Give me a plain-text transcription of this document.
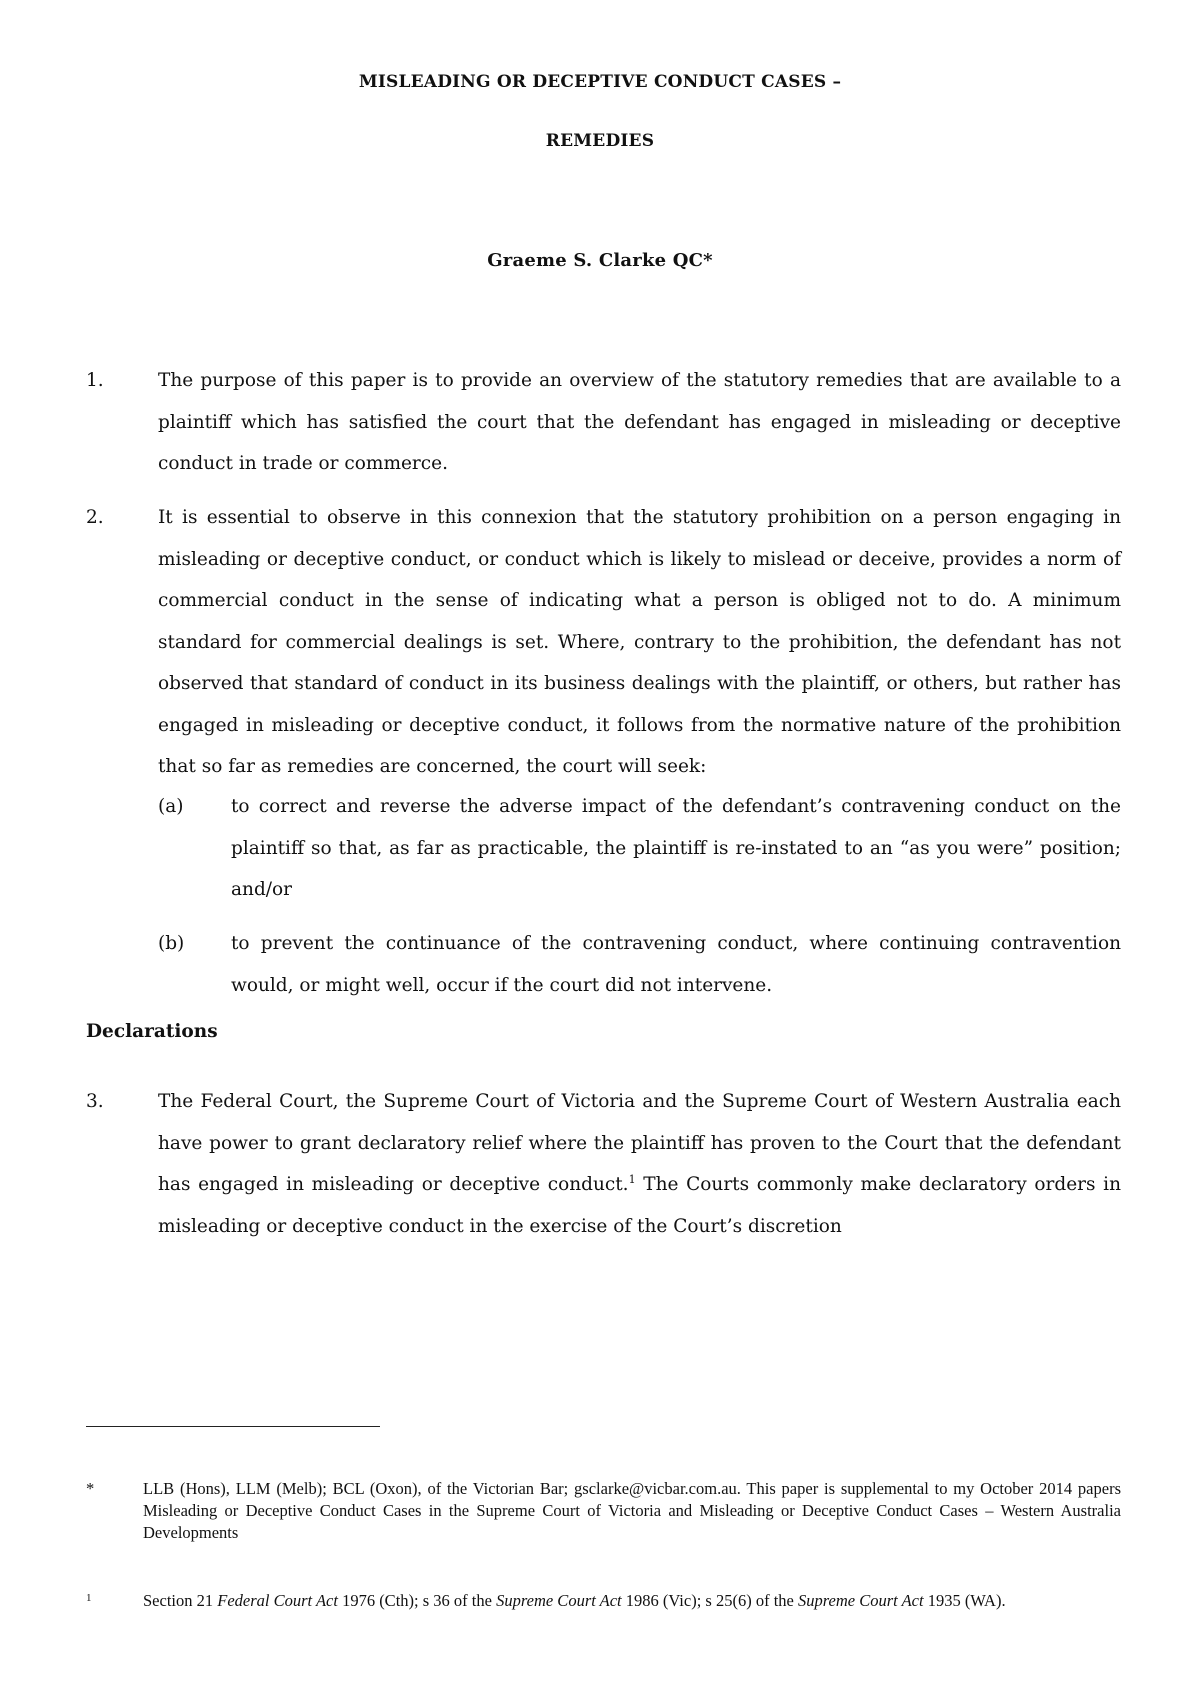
MISLEADING OR DECEPTIVE CONDUCT CASES –
REMEDIES
Graeme S. Clarke QC*
1.	The purpose of this paper is to provide an overview of the statutory remedies that are available to a plaintiff which has satisfied the court that the defendant has engaged in misleading or deceptive conduct in trade or commerce.
2.	It is essential to observe in this connexion that the statutory prohibition on a person engaging in misleading or deceptive conduct, or conduct which is likely to mislead or deceive, provides a norm of commercial conduct in the sense of indicating what a person is obliged not to do. A minimum standard for commercial dealings is set. Where, contrary to the prohibition, the defendant has not observed that standard of conduct in its business dealings with the plaintiff, or others, but rather has engaged in misleading or deceptive conduct, it follows from the normative nature of the prohibition that so far as remedies are concerned, the court will seek:
(a)	to correct and reverse the adverse impact of the defendant’s contravening conduct on the plaintiff so that, as far as practicable, the plaintiff is re-instated to an “as you were” position; and/or
(b)	to prevent the continuance of the contravening conduct, where continuing contravention would, or might well, occur if the court did not intervene.
Declarations
3.	The Federal Court, the Supreme Court of Victoria and the Supreme Court of Western Australia each have power to grant declaratory relief where the plaintiff has proven to the Court that the defendant has engaged in misleading or deceptive conduct.$^1$ The Courts commonly make declaratory orders in misleading or deceptive conduct in the exercise of the Court’s discretion
*	LLB (Hons), LLM (Melb); BCL (Oxon), of the Victorian Bar; gsclarke@vicbar.com.au. This paper is supplemental to my October 2014 papers Misleading or Deceptive Conduct Cases in the Supreme Court of Victoria and Misleading or Deceptive Conduct Cases – Western Australia Developments
1	Section 21 Federal Court Act 1976 (Cth); s 36 of the Supreme Court Act 1986 (Vic); s 25(6) of the Supreme Court Act 1935 (WA).
